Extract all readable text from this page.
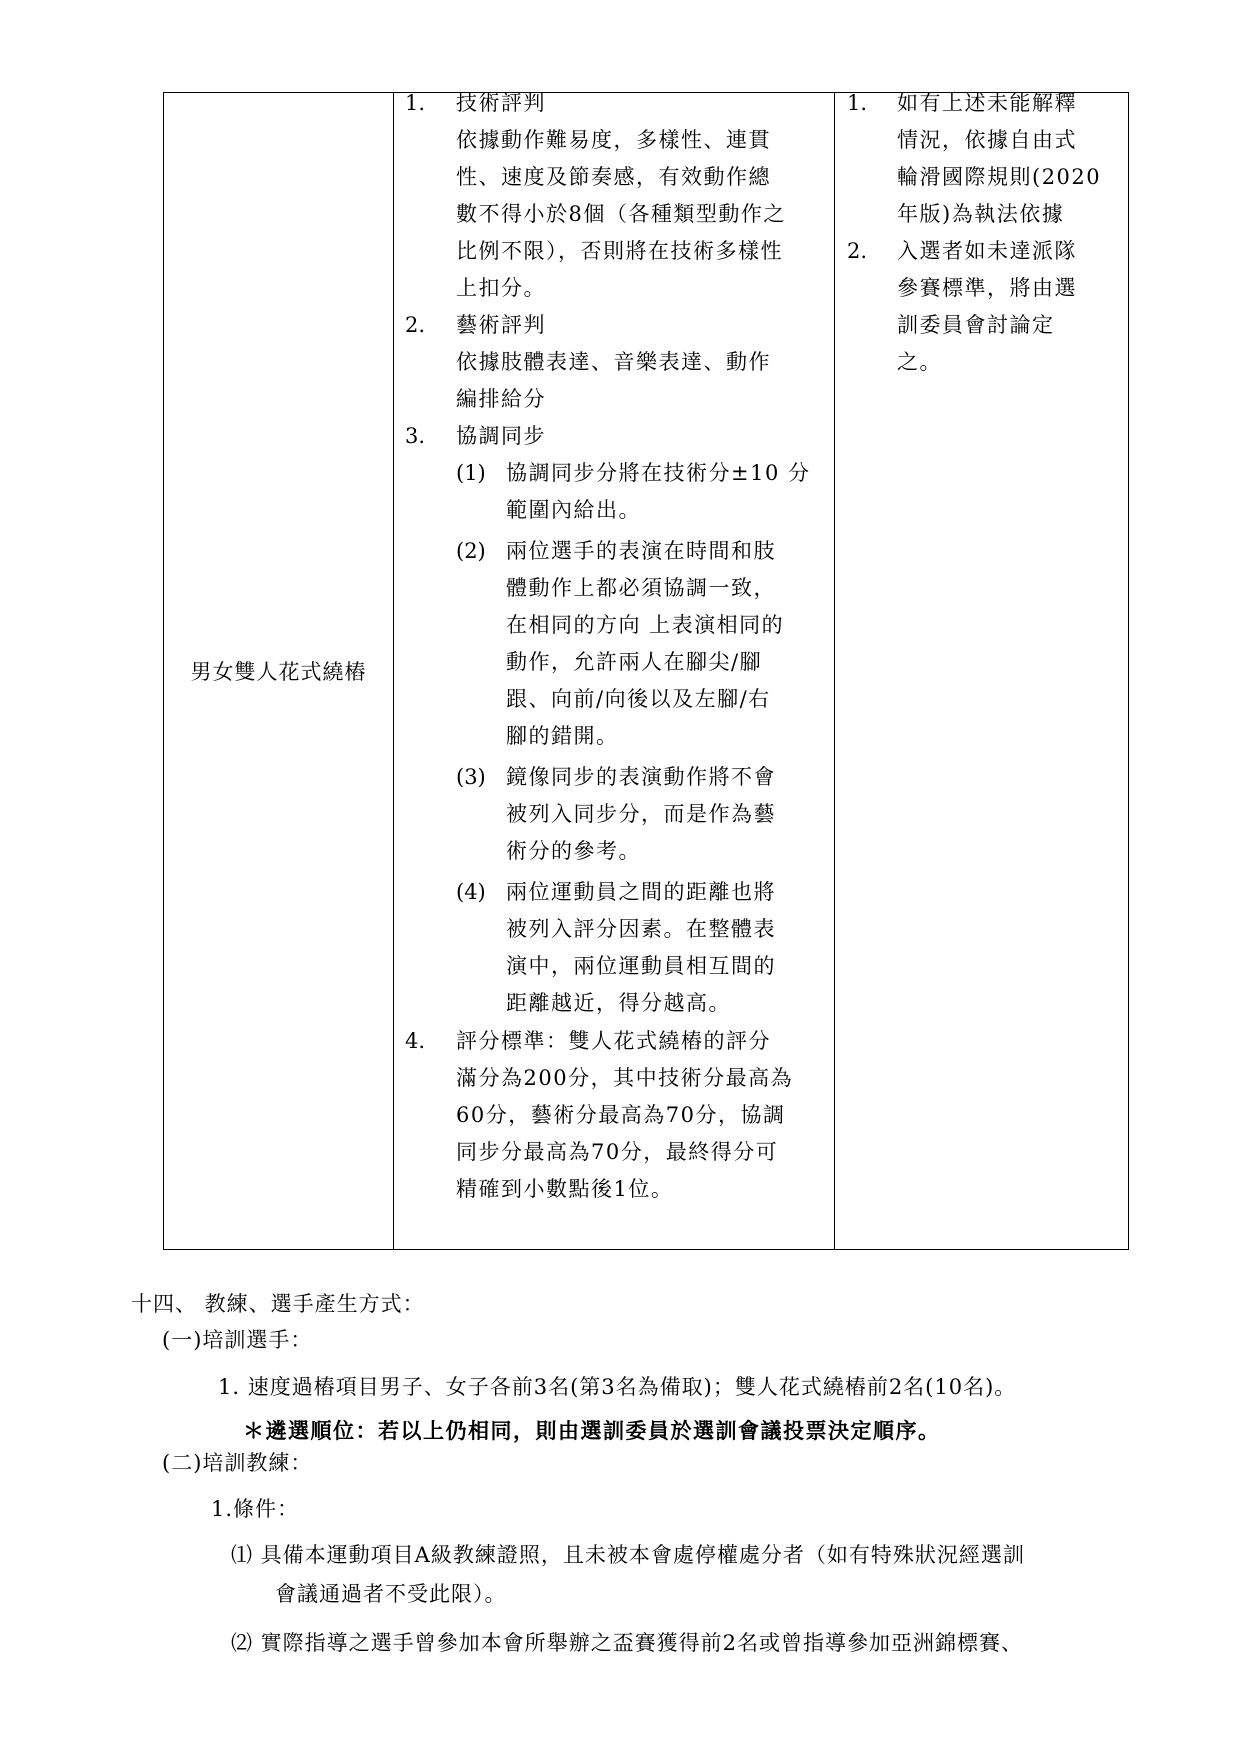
男女雙人花式繞樁
1. 技術評判
依據動作難易度，多樣性、連貫
性、速度及節奏感，有效動作總
數不得小於8個（各種類型動作之
比例不限），否則將在技術多樣性
上扣分。
2. 藝術評判
依據肢體表達、音樂表達、動作
編排給分
3. 協調同步
(1) 協調同步分將在技術分±10 分
範圍內給出。
(2) 兩位選手的表演在時間和肢
體動作上都必須協調一致，
在相同的方向 上表演相同的
動作，允許兩人在腳尖/腳
跟、向前/向後以及左腳/右
腳的錯開。
(3) 鏡像同步的表演動作將不會
被列入同步分，而是作為藝
術分的參考。
(4) 兩位運動員之間的距離也將
被列入評分因素。在整體表
演中，兩位運動員相互間的
距離越近，得分越高。
4. 評分標準：雙人花式繞樁的評分
滿分為200分，其中技術分最高為
60分，藝術分最高為70分，協調
同步分最高為70分，最終得分可
精確到小數點後1位。
1. 如有上述未能解釋
情況，依據自由式
輪滑國際規則(2020
年版)為執法依據
2. 入選者如未達派隊
參賽標準，將由選
訓委員會討論定
之。
十四、 教練、選手產生方式：
(一)培訓選手：
1. 速度過樁項目男子、女子各前3名(第3名為備取)；雙人花式繞樁前2名(10名)。
＊遴選順位：若以上仍相同，則由選訓委員於選訓會議投票決定順序。
(二)培訓教練：
1.條件：
⑴ 具備本運動項目A級教練證照，且未被本會處停權處分者（如有特殊狀況經選訓
會議通過者不受此限）。
⑵ 實際指導之選手曾參加本會所舉辦之盃賽獲得前2名或曾指導參加亞洲錦標賽、
